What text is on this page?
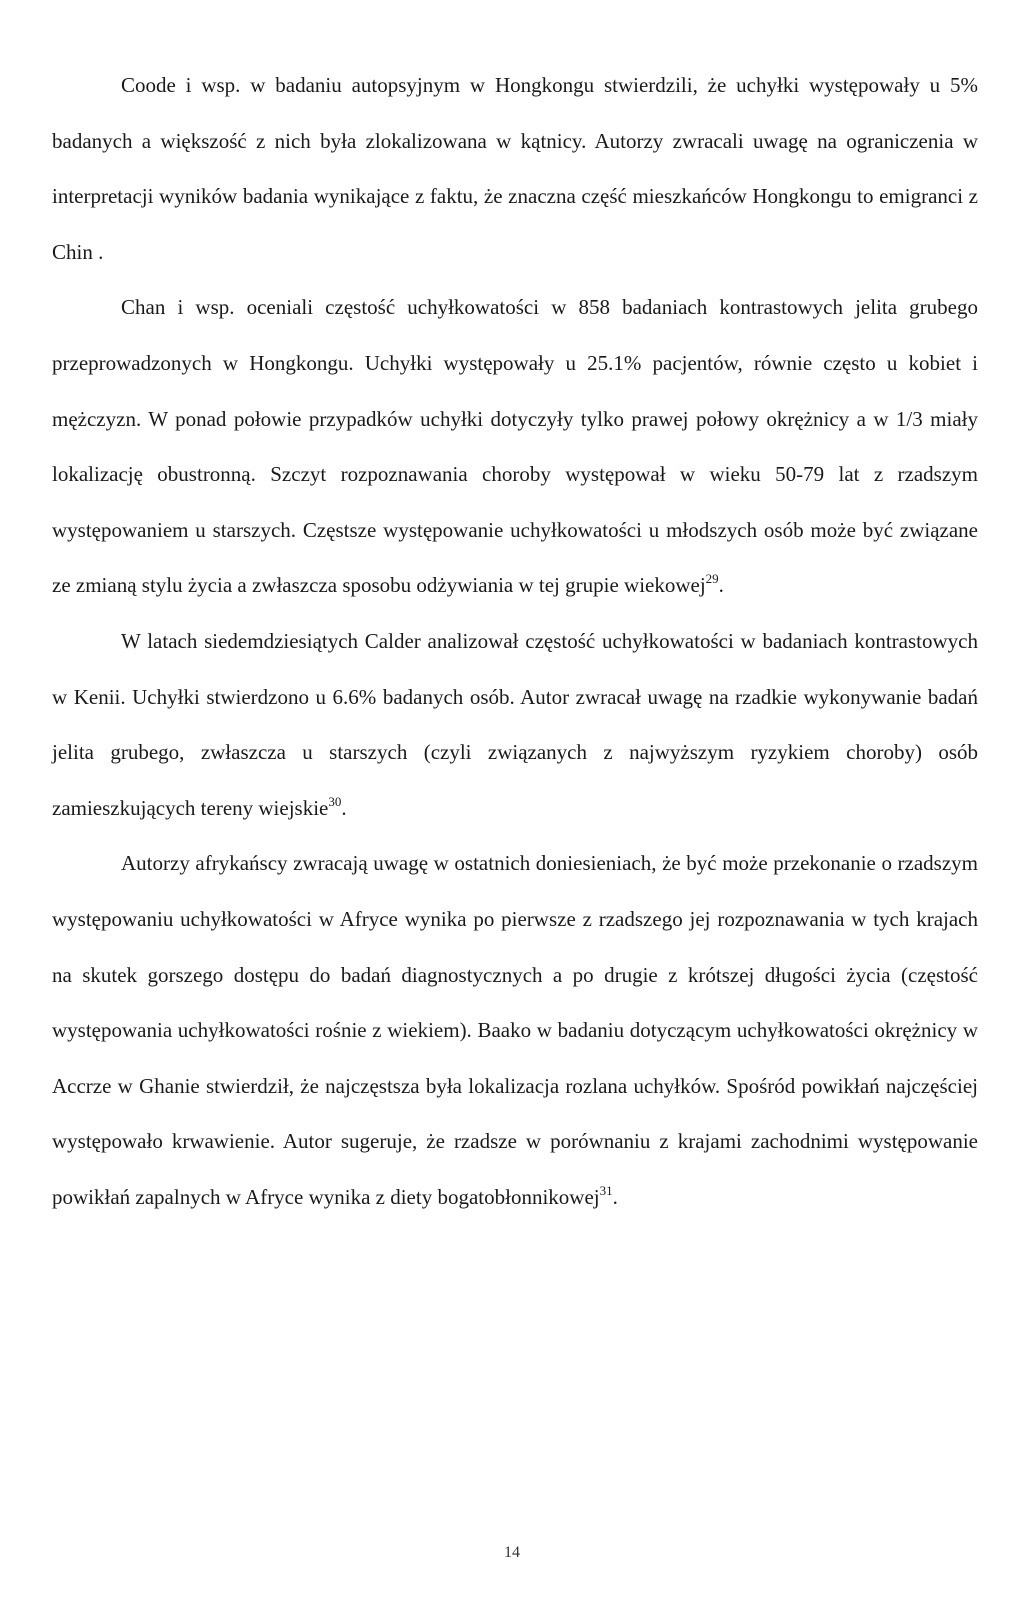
Coode i wsp. w badaniu autopsyjnym w Hongkongu stwierdzili, że uchyłki występowały u 5% badanych a większość z nich była zlokalizowana w kątnicy. Autorzy zwracali uwagę na ograniczenia w interpretacji wyników badania wynikające z faktu, że znaczna część mieszkańców Hongkongu to emigranci z Chin .

Chan i wsp. oceniali częstość uchyłkowatości w 858 badaniach kontrastowych jelita grubego przeprowadzonych w Hongkongu. Uchyłki występowały u 25.1% pacjentów, równie często u kobiet i mężczyzn. W ponad połowie przypadków uchyłki dotyczyły tylko prawej połowy okrężnicy a w 1/3 miały lokalizację obustronną. Szczyt rozpoznawania choroby występował w wieku 50-79 lat z rzadszym występowaniem u starszych. Częstsze występowanie uchyłkowatości u młodszych osób może być związane ze zmianą stylu życia a zwłaszcza sposobu odżywiania w tej grupie wiekowej$^{29}$.

W latach siedemdziesiątych Calder analizował częstość uchyłkowatości w badaniach kontrastowych w Kenii. Uchyłki stwierdzono u 6.6% badanych osób. Autor zwracał uwagę na rzadkie wykonywanie badań jelita grubego, zwłaszcza u starszych (czyli związanych z najwyższym ryzykiem choroby) osób zamieszkujących tereny wiejskie$^{30}$.

Autorzy afrykańscy zwracają uwagę w ostatnich doniesieniach, że być może przekonanie o rzadszym występowaniu uchyłkowatości w Afryce wynika po pierwsze z rzadszego jej rozpoznawania w tych krajach na skutek gorszego dostępu do badań diagnostycznych a po drugie z krótszej długości życia (częstość występowania uchyłkowatości rośnie z wiekiem). Baako w badaniu dotyczącym uchyłkowatości okrężnicy w Accrze w Ghanie stwierdził, że najczęstsza była lokalizacja rozlana uchyłków. Spośród powikłań najczęściej występowało krwawienie. Autor sugeruje, że rzadsze w porównaniu z krajami zachodnimi występowanie powikłań zapalnych w Afryce wynika z diety bogatobłonnikowej$^{31}$.

14
